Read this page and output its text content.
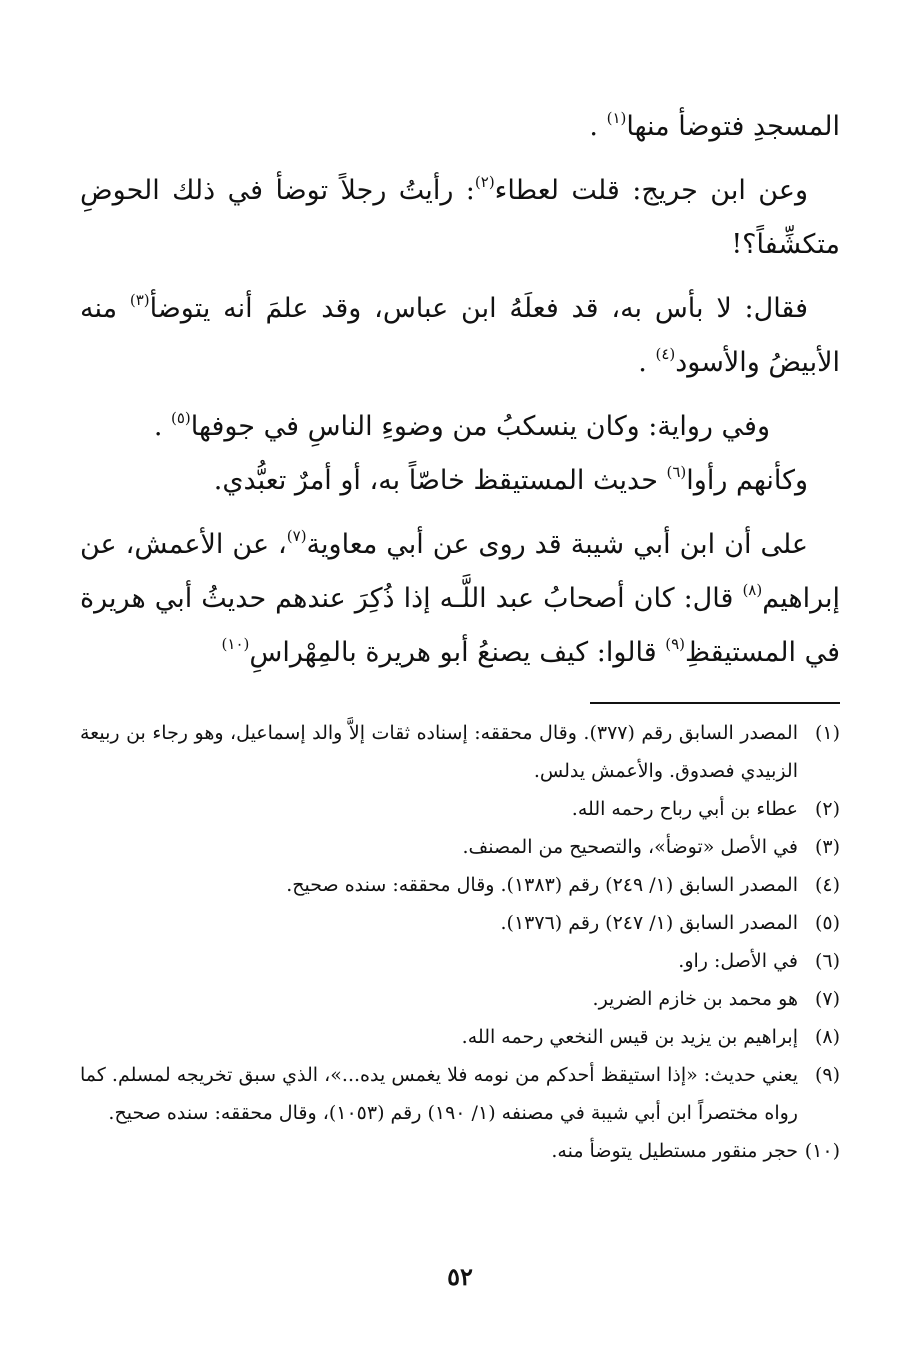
المسجدِ فتوضأ منها$^{(١)}$ .

وعن ابن جريج: قلت لعطاء$^{(٢)}$: رأيتُ رجلاً توضأ في ذلك الحوضِ متكشِّفاً؟!

فقال: لا بأس به، قد فعلَهُ ابن عباس، وقد علمَ أنه يتوضأ$^{(٣)}$ منه الأبيضُ والأسود$^{(٤)}$ .

وفي رواية: وكان ينسكبُ من وضوءِ الناسِ في جوفها$^{(٥)}$ .

وكأنهم رأوا$^{(٦)}$ حديث المستيقظ خاصّاً به، أو أمرٌ تعبُّدي.

على أن ابن أبي شيبة قد روى عن أبي معاوية$^{(٧)}$، عن الأعمش، عن إبراهيم$^{(٨)}$ قال: كان أصحابُ عبد اللَّـه إذا ذُكِرَ عندهم حديثُ أبي هريرة في المستيقظِ$^{(٩)}$ قالوا: كيف يصنعُ أبو هريرة بالمِهْراسِ$^{(١٠)}$

(١)
المصدر السابق رقم (٣٧٧). وقال محققه: إسناده ثقات إلاَّ والد إسماعيل، وهو رجاء بن ربيعة الزبيدي فصدوق. والأعمش يدلس.
(٢)
عطاء بن أبي رباح رحمه الله.
(٣)
في الأصل «توضأ»، والتصحيح من المصنف.
(٤)
المصدر السابق (١/ ٢٤٩) رقم (١٣٨٣). وقال محققه: سنده صحيح.
(٥)
المصدر السابق (١/ ٢٤٧) رقم (١٣٧٦).
(٦)
في الأصل: راو.
(٧)
هو محمد بن خازم الضرير.
(٨)
إبراهيم بن يزيد بن قيس النخعي رحمه الله.
(٩)
يعني حديث: «إذا استيقظ أحدكم من نومه فلا يغمس يده...»، الذي سبق تخريجه لمسلم. كما رواه مختصراً ابن أبي شيبة في مصنفه (١/ ١٩٠) رقم (١٠٥٣)، وقال محققه: سنده صحيح.
(١٠)
حجر منقور مستطيل يتوضأ منه.
٥٢
